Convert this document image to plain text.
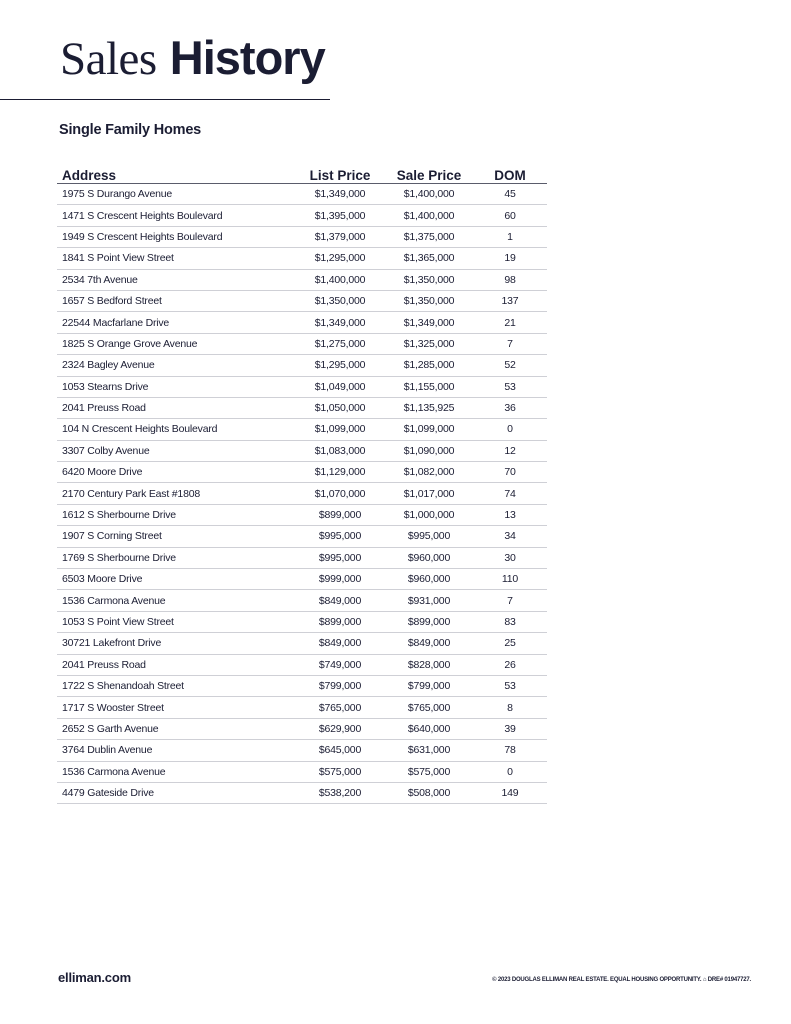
Sales History
Single Family Homes
Address	List Price	Sale Price	DOM
1975 S Durango Avenue	$1,349,000	$1,400,000	45
1471 S Crescent Heights Boulevard	$1,395,000	$1,400,000	60
1949 S Crescent Heights Boulevard	$1,379,000	$1,375,000	1
1841 S Point View Street	$1,295,000	$1,365,000	19
2534 7th Avenue	$1,400,000	$1,350,000	98
1657 S Bedford Street	$1,350,000	$1,350,000	137
22544 Macfarlane Drive	$1,349,000	$1,349,000	21
1825 S Orange Grove Avenue	$1,275,000	$1,325,000	7
2324 Bagley Avenue	$1,295,000	$1,285,000	52
1053 Stearns Drive	$1,049,000	$1,155,000	53
2041 Preuss Road	$1,050,000	$1,135,925	36
104 N Crescent Heights Boulevard	$1,099,000	$1,099,000	0
3307 Colby Avenue	$1,083,000	$1,090,000	12
6420 Moore Drive	$1,129,000	$1,082,000	70
2170 Century Park East #1808	$1,070,000	$1,017,000	74
1612 S Sherbourne Drive	$899,000	$1,000,000	13
1907 S Corning Street	$995,000	$995,000	34
1769 S Sherbourne Drive	$995,000	$960,000	30
6503 Moore Drive	$999,000	$960,000	110
1536 Carmona Avenue	$849,000	$931,000	7
1053 S Point View Street	$899,000	$899,000	83
30721 Lakefront Drive	$849,000	$849,000	25
2041 Preuss Road	$749,000	$828,000	26
1722 S Shenandoah Street	$799,000	$799,000	53
1717 S Wooster Street	$765,000	$765,000	8
2652 S Garth Avenue	$629,900	$640,000	39
3764 Dublin Avenue	$645,000	$631,000	78
1536 Carmona Avenue	$575,000	$575,000	0
4479 Gateside Drive	$538,200	$508,000	149
elliman.com	© 2023 DOUGLAS ELLIMAN REAL ESTATE. EQUAL HOUSING OPPORTUNITY. ⌂ DRE# 01947727.
